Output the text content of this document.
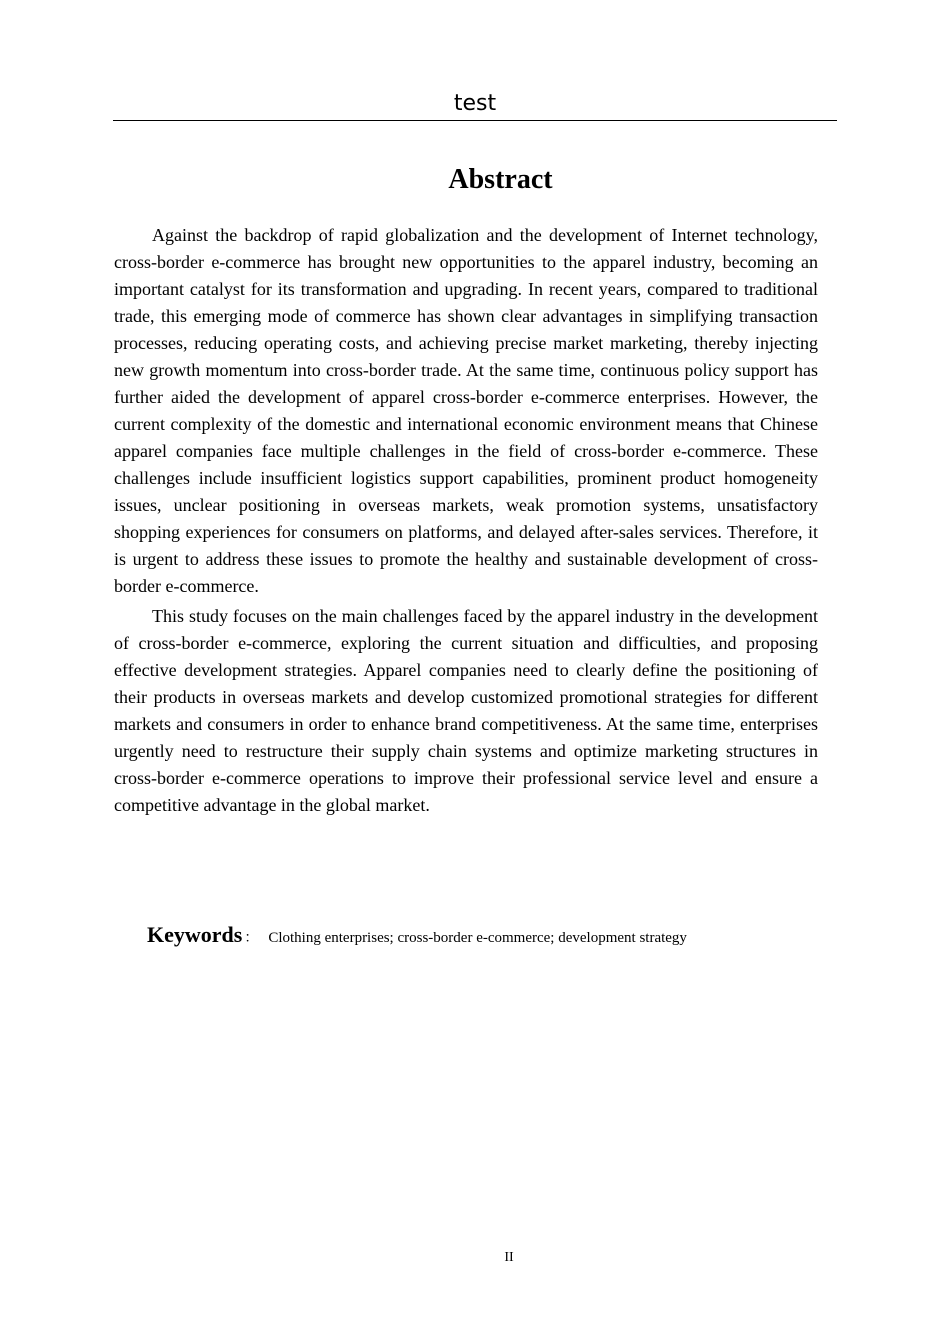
test
Abstract

Against the backdrop of rapid globalization and the development of Internet technology, cross-border e-commerce has brought new opportunities to the apparel industry, becoming an important catalyst for its transformation and upgrading. In recent years, compared to traditional trade, this emerging mode of commerce has shown clear advantages in simplifying transaction processes, reducing operating costs, and achieving precise market marketing, thereby injecting new growth momentum into cross-border trade. At the same time, continuous policy support has further aided the development of apparel cross-border e-commerce enterprises. However, the current complexity of the domestic and international economic environment means that Chinese apparel companies face multiple challenges in the field of cross-border e-commerce. These challenges include insufficient logistics support capabilities, prominent product homogeneity issues, unclear positioning in overseas markets, weak promotion systems, unsatisfactory shopping experiences for consumers on platforms, and delayed after-sales services. Therefore, it is urgent to address these issues to promote the healthy and sustainable development of cross-border e-commerce.

This study focuses on the main challenges faced by the apparel industry in the development of cross-border e-commerce, exploring the current situation and difficulties, and proposing effective development strategies. Apparel companies need to clearly define the positioning of their products in overseas markets and develop customized promotional strategies for different markets and consumers in order to enhance brand competitiveness. At the same time, enterprises urgently need to restructure their supply chain systems and optimize marketing structures in cross-border e-commerce operations to improve their professional service level and ensure a competitive advantage in the global market.

Keywords ： Clothing enterprises; cross-border e-commerce; development strategy
II
